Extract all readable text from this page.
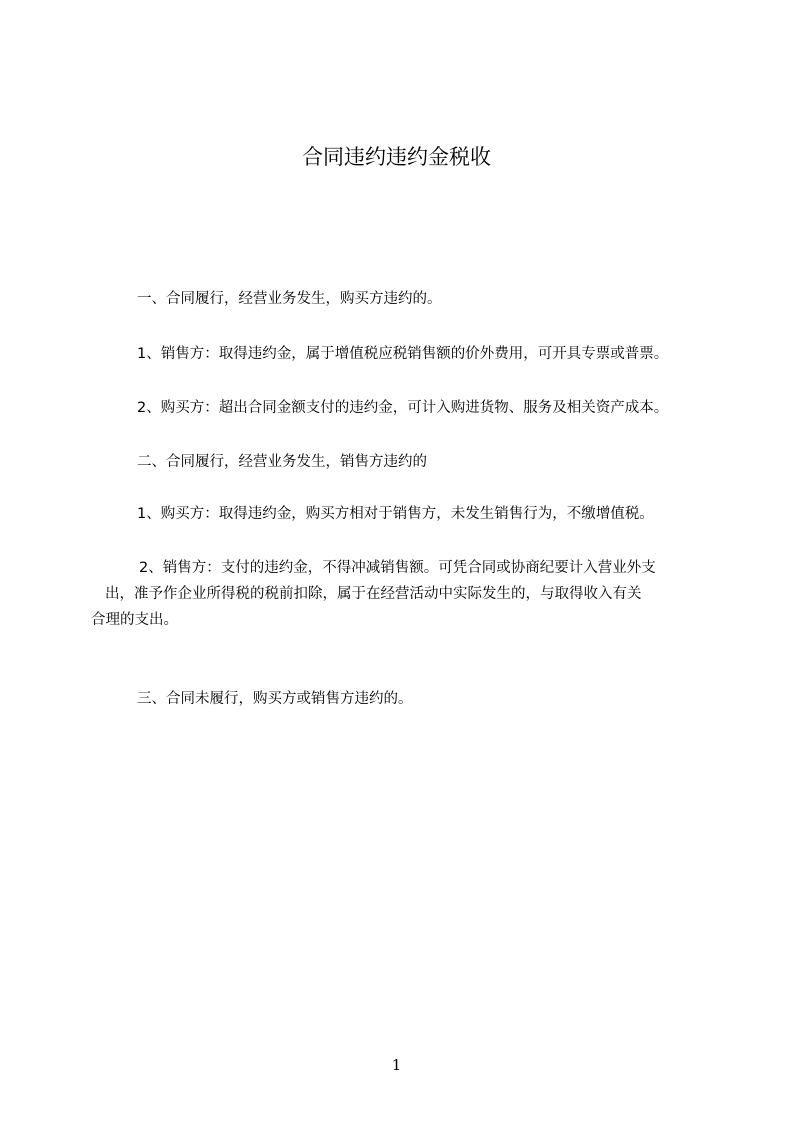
合同违约违约金税收
一、合同履行，经营业务发生，购买方违约的。
1、销售方：取得违约金，属于增值税应税销售额的价外费用，可开具专票或普票。
2、购买方：超出合同金额支付的违约金，可计入购进货物、服务及相关资产成本。
二、合同履行，经营业务发生，销售方违约的
1、购买方：取得违约金，购买方相对于销售方，未发生销售行为，不缴增值税。
2、销售方：支付的违约金，不得冲减销售额。可凭合同或协商纪要计入营业外支
出，准予作企业所得税的税前扣除，属于在经营活动中实际发生的，与取得收入有关
合理的支出。
三、合同未履行，购买方或销售方违约的。
1
